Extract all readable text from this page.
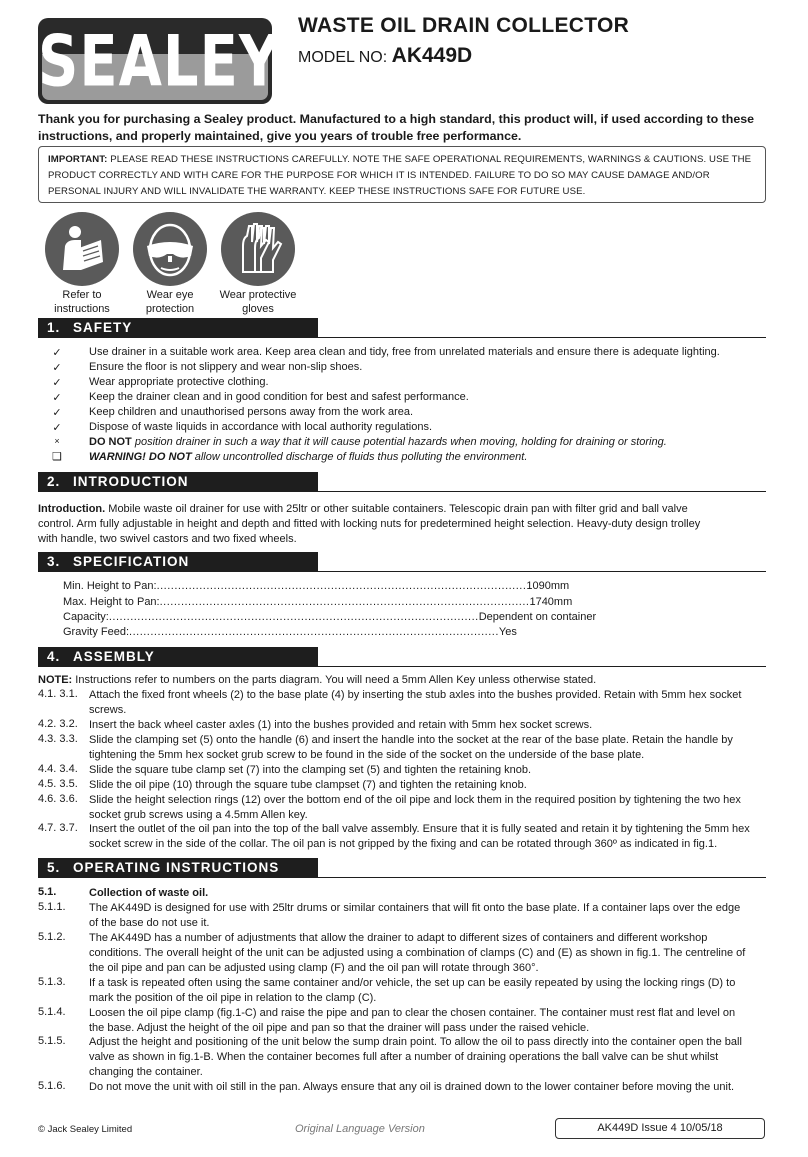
SEALEY WASTE OIL DRAIN COLLECTOR
MODEL NO: AK449D
Thank you for purchasing a Sealey product. Manufactured to a high standard, this product will, if used according to these instructions, and properly maintained, give you years of trouble free performance.
IMPORTANT: PLEASE READ THESE INSTRUCTIONS CAREFULLY. NOTE THE SAFE OPERATIONAL REQUIREMENTS, WARNINGS & CAUTIONS. USE THE PRODUCT CORRECTLY AND WITH CARE FOR THE PURPOSE FOR WHICH IT IS INTENDED. FAILURE TO DO SO MAY CAUSE DAMAGE AND/OR PERSONAL INJURY AND WILL INVALIDATE THE WARRANTY. KEEP THESE INSTRUCTIONS SAFE FOR FUTURE USE.
Refer to
instructions
Wear eye
protection
Wear protective
gloves
1. SAFETY
✓ Use drainer in a suitable work area. Keep area clean and tidy, free from unrelated materials and ensure there is adequate lighting.
✓ Ensure the floor is not slippery and wear non-slip shoes.
✓ Wear appropriate protective clothing.
✓ Keep the drainer clean and in good condition for best and safest performance.
✓ Keep children and unauthorised persons away from the work area.
✓ Dispose of waste liquids in accordance with local authority regulations.
×	DO NOT position drainer in such a way that it will cause potential hazards when moving, holding for draining or storing.
❑ WARNING! DO NOT allow uncontrolled discharge of fluids thus polluting the environment.
2. INTRODUCTION
Introduction. Mobile waste oil drainer for use with 25ltr or other suitable containers. Telescopic drain pan with filter grid and ball valve
control. Arm fully adjustable in height and depth and fitted with locking nuts for predetermined height selection. Heavy-duty design trolley
with handle, two swivel castors and two fixed wheels.
3. SPECIFICATION
Min. Height to Pan: ........................................................................................................ 1090mm
Max. Height to Pan: ........................................................................................................ 1740mm
Capacity: ........................................................................................................ Dependent on container
Gravity Feed: ........................................................................................................ Yes
4. ASSEMBLY
NOTE: Instructions refer to numbers on the parts diagram. You will need a 5mm Allen Key unless otherwise stated.
4.1. 3.1. Attach the fixed front wheels (2) to the base plate (4) by inserting the stub axles into the bushes provided. Retain with 5mm hex socket
screws.
4.2. 3.2. Insert the back wheel caster axles (1) into the bushes provided and retain with 5mm hex socket screws.
4.3. 3.3. Slide the clamping set (5) onto the handle (6) and insert the handle into the socket at the rear of the base plate. Retain the handle by
tightening the 5mm hex socket grub screw to be found in the side of the socket on the underside of the base plate.
4.4. 3.4. Slide the square tube clamp set (7) into the clamping set (5) and tighten the retaining knob.
4.5. 3.5. Slide the oil pipe (10) through the square tube clampset (7) and tighten the retaining knob.
4.6. 3.6. Slide the height selection rings (12) over the bottom end of the oil pipe and lock them in the required position by tightening the two hex
socket grub screws using a 4.5mm Allen key.
4.7. 3.7. Insert the outlet of the oil pan into the top of the ball valve assembly. Ensure that it is fully seated and retain it by tightening the 5mm hex
socket screw in the side of the collar. The oil pan is not gripped by the fixing and can be rotated through 360º as indicated in fig.1.
5. OPERATING INSTRUCTIONS
5.1.	Collection of waste oil.
5.1.1. The AK449D is designed for use with 25ltr drums or similar containers that will fit onto the base plate. If a container laps over the edge
of the base do not use it.
5.1.2. The AK449D has a number of adjustments that allow the drainer to adapt to different sizes of containers and different workshop
conditions. The overall height of the unit can be adjusted using a combination of clamps (C) and (E) as shown in fig.1. The centreline of
the oil pipe and pan can be adjusted using clamp (F) and the oil pan will rotate through 360°.
5.1.3. If a task is repeated often using the same container and/or vehicle, the set up can be easily repeated by using the locking rings (D) to
mark the position of the oil pipe in relation to the clamp (C).
5.1.4. Loosen the oil pipe clamp (fig.1-C) and raise the pipe and pan to clear the chosen container. The container must rest flat and level on
the base. Adjust the height of the oil pipe and pan so that the drainer will pass under the raised vehicle.
5.1.5. Adjust the height and positioning of the unit below the sump drain point. To allow the oil to pass directly into the container open the ball
valve as shown in fig.1-B. When the container becomes full after a number of draining operations the ball valve can be shut whilst
changing the container.
5.1.6. Do not move the unit with oil still in the pan. Always ensure that any oil is drained down to the lower container before moving the unit.
© Jack Sealey Limited	Original Language Version	AK449D Issue 4 10/05/18
